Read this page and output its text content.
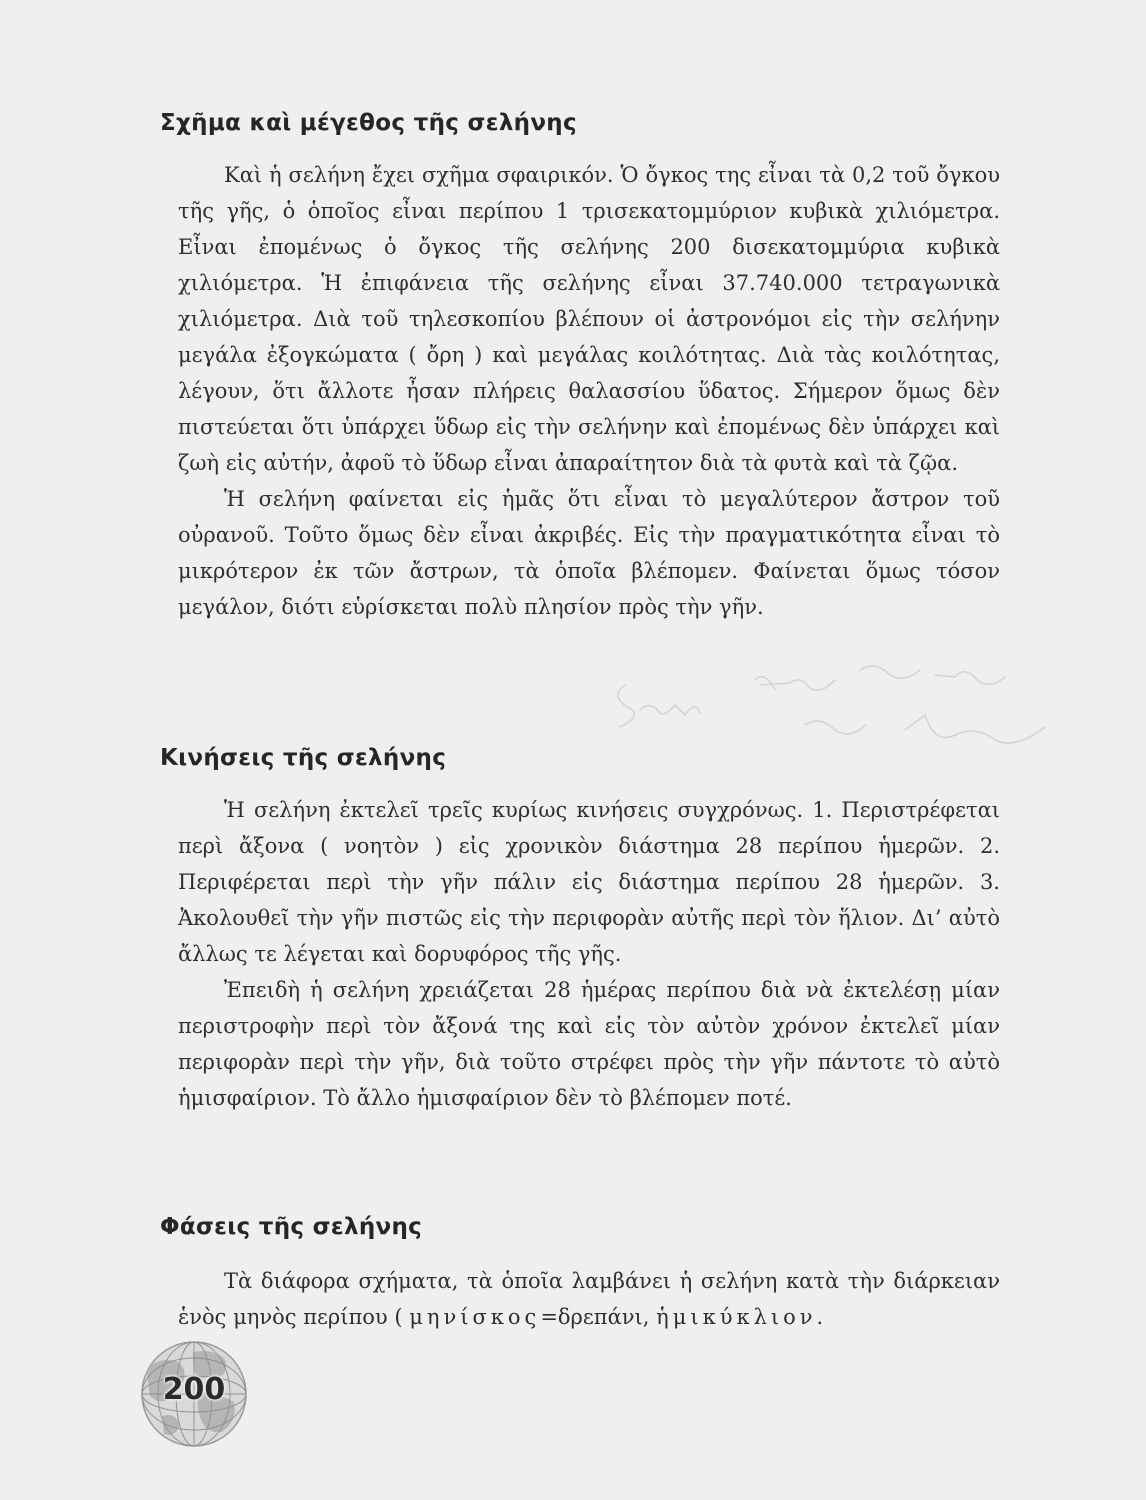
Σχῆμα καὶ μέγεθος τῆς σελήνης

Καὶ ἡ σελήνη ἔχει σχῆμα σφαιρικόν. Ὁ ὄγκος της εἶναι τὰ 0,2 τοῦ ὄγκου τῆς γῆς, ὁ ὁποῖος εἶναι περίπου 1 τρισεκατομμύριον κυβικὰ χιλιόμετρα. Εἶναι ἐπομένως ὁ ὄγκος τῆς σελήνης 200 δισεκατομμύρια κυβικὰ χιλιόμετρα. Ἡ ἐπιφάνεια τῆς σελήνης εἶναι 37.740.000 τετραγωνικὰ χιλιόμετρα. Διὰ τοῦ τηλεσκοπίου βλέπουν οἱ ἀστρονόμοι εἰς τὴν σελήνην μεγάλα ἐξογκώματα ( ὄρη ) καὶ μεγάλας κοιλότητας. Διὰ τὰς κοιλότητας, λέγουν, ὅτι ἄλλοτε ἦσαν πλήρεις θαλασσίου ὕδατος. Σήμερον ὅμως δὲν πιστεύεται ὅτι ὑπάρχει ὕδωρ εἰς τὴν σελήνην καὶ ἐπομένως δὲν ὑπάρχει καὶ ζωὴ εἰς αὐτήν, ἀφοῦ τὸ ὕδωρ εἶναι ἀπαραίτητον διὰ τὰ φυτὰ καὶ τὰ ζῷα.

Ἡ σελήνη φαίνεται εἰς ἡμᾶς ὅτι εἶναι τὸ μεγαλύτερον ἄστρον τοῦ οὐρανοῦ. Τοῦτο ὅμως δὲν εἶναι ἀκριβές. Εἰς τὴν πραγματικότητα εἶναι τὸ μικρότερον ἐκ τῶν ἄστρων, τὰ ὁποῖα βλέπομεν. Φαίνεται ὅμως τόσον μεγάλον, διότι εὑρίσκεται πολὺ πλησίον πρὸς τὴν γῆν.

Κινήσεις τῆς σελήνης

Ἡ σελήνη ἐκτελεῖ τρεῖς κυρίως κινήσεις συγχρόνως. 1. Περιστρέφεται περὶ ἄξονα ( νοητὸν ) εἰς χρονικὸν διάστημα 28 περίπου ἡμερῶν. 2. Περιφέρεται περὶ τὴν γῆν πάλιν εἰς διάστημα περίπου 28 ἡμερῶν. 3. Ἀκολουθεῖ τὴν γῆν πιστῶς εἰς τὴν περιφορὰν αὐτῆς περὶ τὸν ἥλιον. Δι’ αὐτὸ ἄλλως τε λέγεται καὶ δορυφόρος τῆς γῆς.

Ἐπειδὴ ἡ σελήνη χρειάζεται 28 ἡμέρας περίπου διὰ νὰ ἐκτελέσῃ μίαν περιστροφὴν περὶ τὸν ἄξονά της καὶ εἰς τὸν αὐτὸν χρόνον ἐκτελεῖ μίαν περιφορὰν περὶ τὴν γῆν, διὰ τοῦτο στρέφει πρὸς τὴν γῆν πάντοτε τὸ αὐτὸ ἡμισφαίριον. Τὸ ἄλλο ἡμισφαίριον δὲν τὸ βλέπομεν ποτέ.

Φάσεις τῆς σελήνης

Τὰ διάφορα σχήματα, τὰ ὁποῖα λαμβάνει ἡ σελήνη κατὰ τὴν διάρκειαν ἑνὸς μηνὸς περίπου ( μηνίσκος=δρεπάνι, ἡμικύκλιον.

200
